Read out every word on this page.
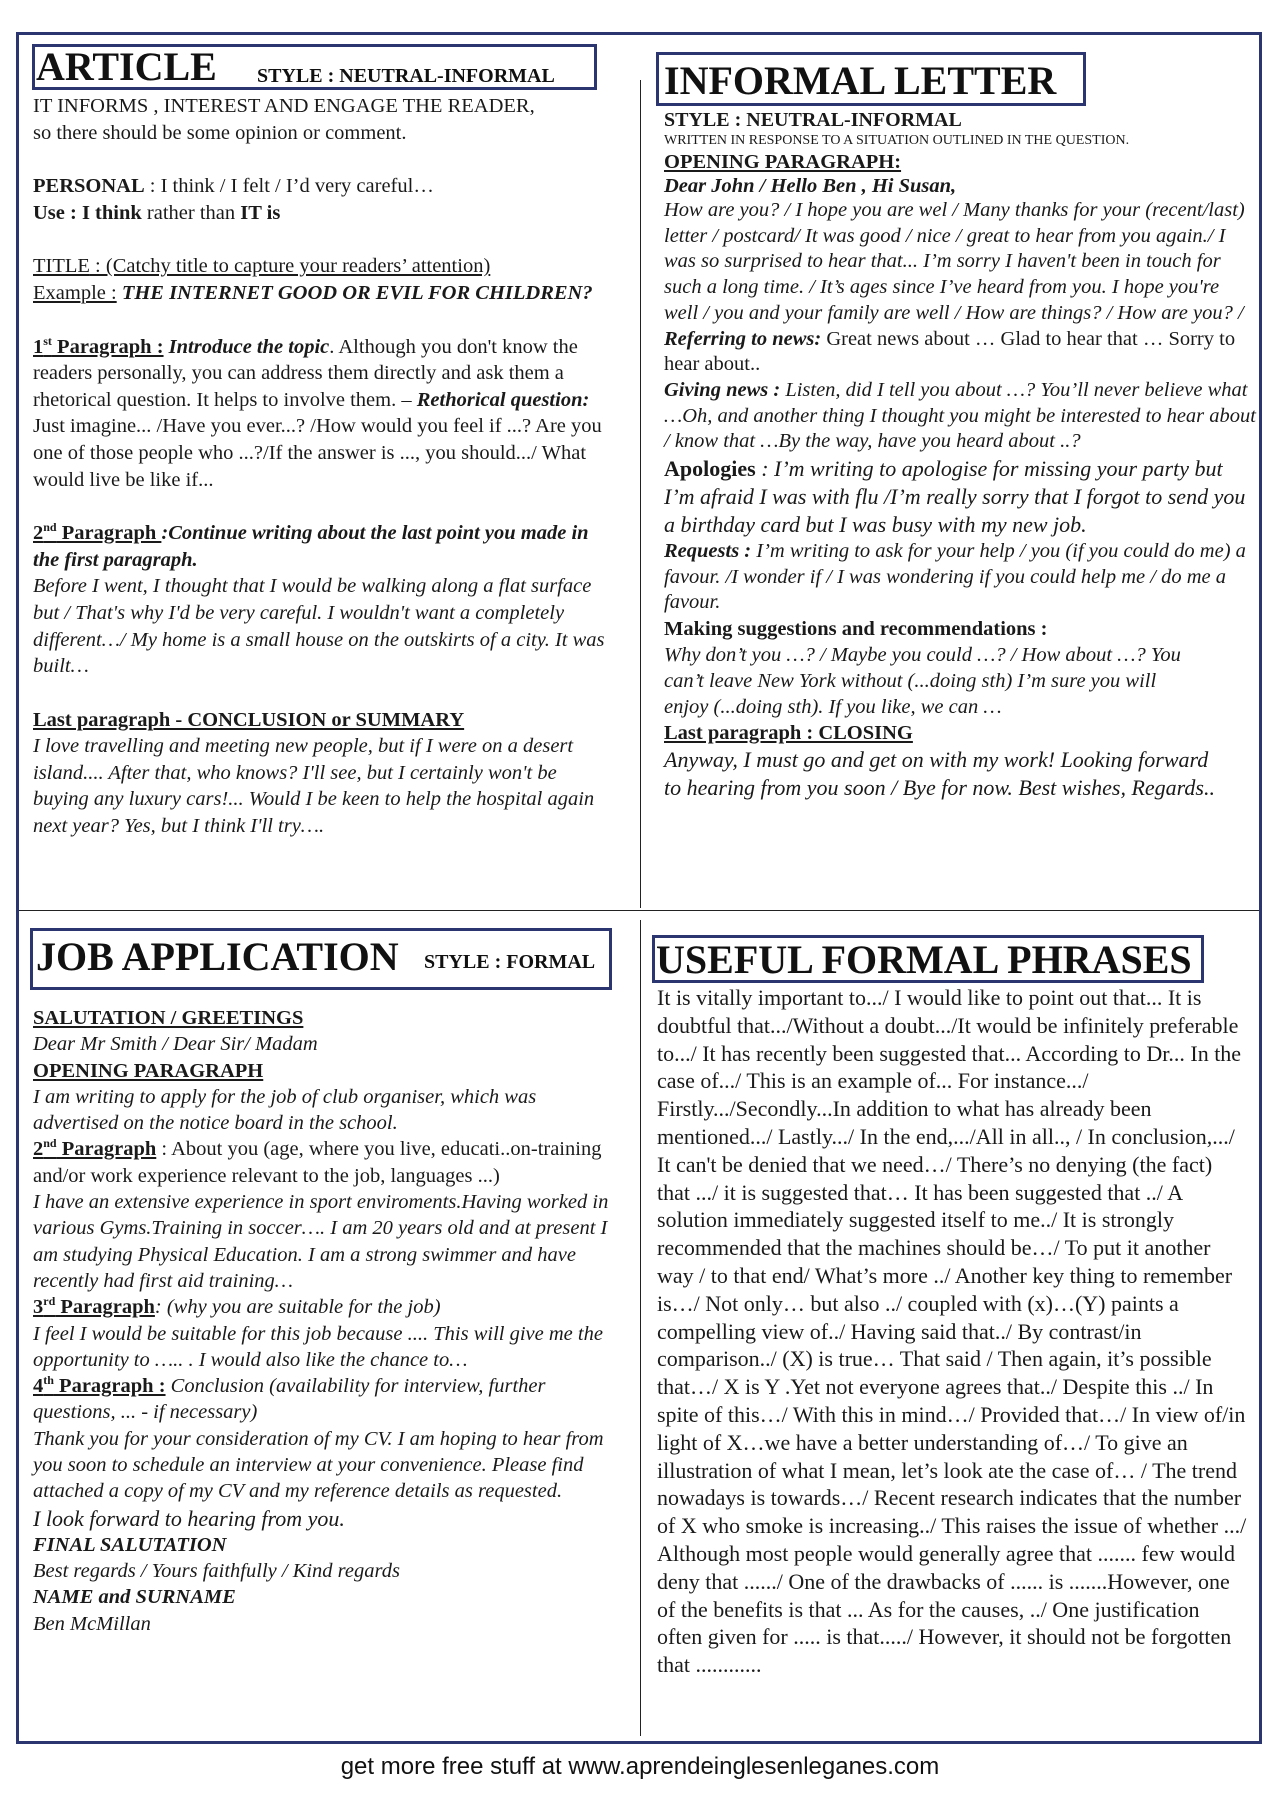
ARTICLE STYLE : NEUTRAL-INFORMAL

IT INFORMS , INTEREST AND ENGAGE THE READER,

so there should be some opinion or comment.

PERSONAL : I think / I felt / I’d very careful…

Use : I think rather than IT is

TITLE : (Catchy title to capture your readers’ attention)

Example : THE INTERNET GOOD OR EVIL FOR CHILDREN?

1st Paragraph : Introduce the topic. Although you don't know the readers personally, you can address them directly and ask them a rhetorical question. It helps to involve them. – Rethorical question: Just imagine... /Have you ever...? /How would you feel if ...? Are you one of those people who ...?/If the answer is ..., you should.../ What would live be like if...

2nd Paragraph :Continue writing about the last point you made in the first paragraph.

Before I went, I thought that I would be walking along a flat surface but / That's why I'd be very careful. I wouldn't want a completely different…/ My home is a small house on the outskirts of a city. It was built…

Last paragraph - CONCLUSION or SUMMARY

I love travelling and meeting new people, but if I were on a desert island.... After that, who knows? I'll see, but I certainly won't be buying any luxury cars!... Would I be keen to help the hospital again next year? Yes, but I think I'll try….

INFORMAL LETTER

STYLE : NEUTRAL-INFORMAL

WRITTEN IN RESPONSE TO A SITUATION OUTLINED IN THE QUESTION.

OPENING PARAGRAPH:

Dear John / Hello Ben , Hi Susan,

How are you? / I hope you are wel / Many thanks for your (recent/last) letter / postcard/ It was good / nice / great to hear from you again./ I was so surprised to hear that... I’m sorry I haven't been in touch for such a long time. / It’s ages since I’ve heard from you. I hope you're well / you and your family are well / How are things? / How are you? /

Referring to news: Great news about … Glad to hear that … Sorry to hear about..

Giving news : Listen, did I tell you about …? You’ll never believe what …Oh, and another thing I thought you might be interested to hear about / know that …By the way, have you heard about ..?

Apologies : I’m writing to apologise for missing your party but I’m afraid I was with flu /I’m really sorry that I forgot to send you a birthday card but I was busy with my new job.

Requests : I’m writing to ask for your help / you (if you could do me) a favour. /I wonder if / I was wondering if you could help me / do me a favour.

Making suggestions and recommendations :

Why don’t you …? / Maybe you could …? / How about …? You can’t leave New York without (...doing sth) I’m sure you will enjoy (...doing sth). If you like, we can …

Last paragraph : CLOSING

Anyway, I must go and get on with my work! Looking forward to hearing from you soon / Bye for now. Best wishes, Regards..

JOB APPLICATION STYLE : FORMAL

SALUTATION / GREETINGS

Dear Mr Smith / Dear Sir/ Madam

OPENING PARAGRAPH

I am writing to apply for the job of club organiser, which was advertised on the notice board in the school.

2nd Paragraph : About you (age, where you live, educati..on-training and/or work experience relevant to the job, languages ...)

I have an extensive experience in sport enviroments.Having worked in various Gyms.Training in soccer…. I am 20 years old and at present I am studying Physical Education. I am a strong swimmer and have recently had first aid training…

3rd Paragraph: (why you are suitable for the job)

I feel I would be suitable for this job because .... This will give me the opportunity to ….. . I would also like the chance to…

4th Paragraph : Conclusion (availability for interview, further questions, ... - if necessary)

Thank you for your consideration of my CV. I am hoping to hear from you soon to schedule an interview at your convenience. Please find attached a copy of my CV and my reference details as requested.

I look forward to hearing from you.

FINAL SALUTATION

Best regards / Yours faithfully / Kind regards

NAME and SURNAME

Ben McMillan

USEFUL FORMAL PHRASES

It is vitally important to.../ I would like to point out that... It is doubtful that.../Without a doubt.../It would be infinitely preferable to.../ It has recently been suggested that... According to Dr... In the case of.../ This is an example of... For instance.../ Firstly.../Secondly...In addition to what has already been mentioned.../ Lastly.../ In the end,.../All in all.., / In conclusion,.../ It can't be denied that we need…/ There’s no denying (the fact) that .../ it is suggested that… It has been suggested that ../ A solution immediately suggested itself to me../ It is strongly recommended that the machines should be…/ To put it another way / to that end/ What’s more ../ Another key thing to remember is…/ Not only… but also ../ coupled with (x)…(Y) paints a compelling view of../ Having said that../ By contrast/in comparison../ (X) is true… That said / Then again, it’s possible that…/ X is Y .Yet not everyone agrees that../ Despite this ../ In spite of this…/ With this in mind…/ Provided that…/ In view of/in light of X…we have a better understanding of…/ To give an illustration of what I mean, let’s look ate the case of… / The trend nowadays is towards…/ Recent research indicates that the number of X who smoke is increasing../ This raises the issue of whether .../ Although most people would generally agree that ....... few would deny that ....../ One of the drawbacks of ...... is .......However, one of the benefits is that ... As for the causes, ../ One justification often given for ..... is that...../ However, it should not be forgotten that ............

get more free stuff at www.aprendeinglesenleganes.com
